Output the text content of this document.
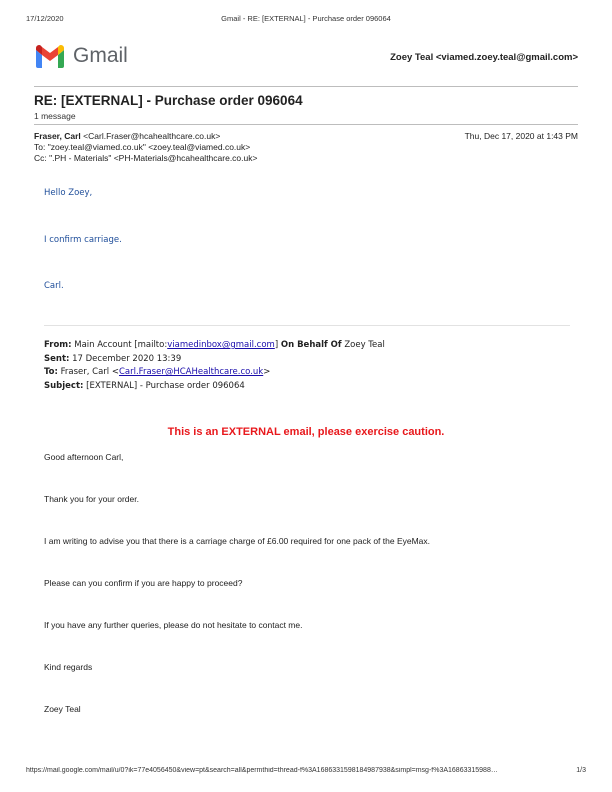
17/12/2020	Gmail - RE: [EXTERNAL] - Purchase order 096064
Gmail	Zoey Teal <viamed.zoey.teal@gmail.com>
RE: [EXTERNAL] - Purchase order 096064
1 message
Fraser, Carl <Carl.Fraser@hcahealthcare.co.uk>	Thu, Dec 17, 2020 at 1:43 PM
To: "zoey.teal@viamed.co.uk" <zoey.teal@viamed.co.uk>
Cc: ".PH - Materials" <PH-Materials@hcahealthcare.co.uk>
Hello Zoey,
I confirm carriage.
Carl.
From: Main Account [mailto:viamedinbox@gmail.com] On Behalf Of Zoey Teal
Sent: 17 December 2020 13:39
To: Fraser, Carl <Carl.Fraser@HCAHealthcare.co.uk>
Subject: [EXTERNAL] - Purchase order 096064
This is an EXTERNAL email, please exercise caution.
Good afternoon Carl,
Thank you for your order.
I am writing to advise you that there is a carriage charge of £6.00 required for one pack of the EyeMax.
Please can you confirm if you are happy to proceed?
If you have any further queries, please do not hesitate to contact me.
Kind regards
Zoey Teal
https://mail.google.com/mail/u/0?ik=77e4056450&view=pt&search=all&permthid=thread-f%3A1686331598184987938&simpl=msg-f%3A16863315988…	1/3
